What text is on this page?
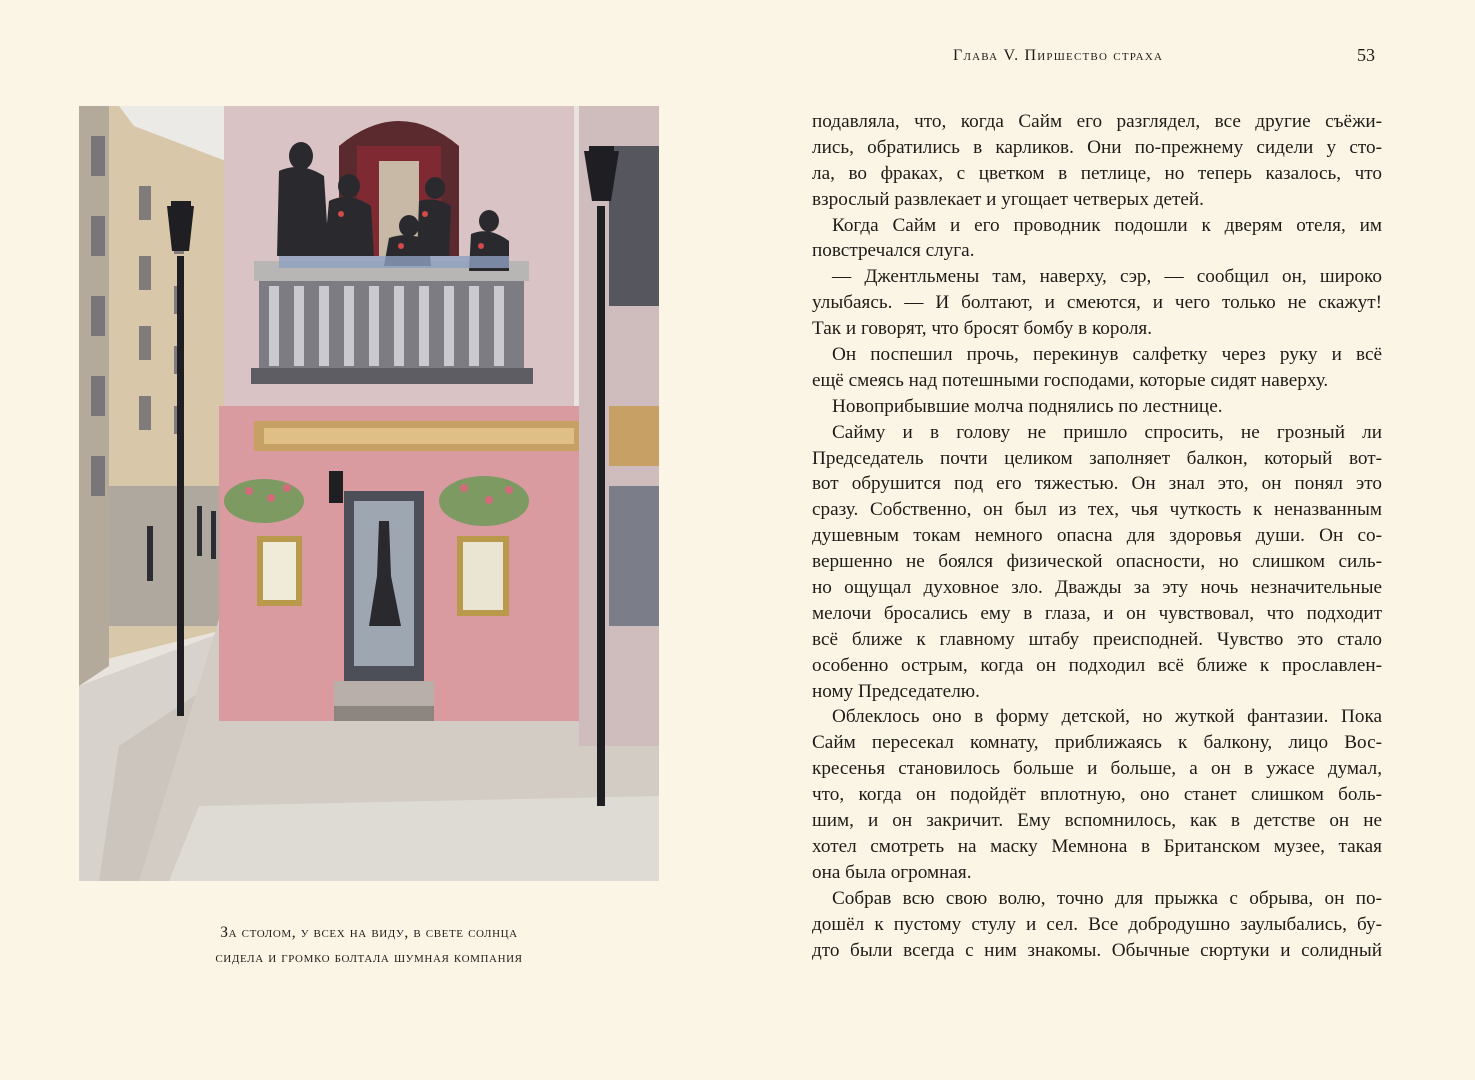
За столом, у всех на виду, в свете солнца
сидела и громко болтала шумная компания
Глава V. Пиршество страха	53
подавляла, что, когда Сайм его разглядел, все другие съёжи-
лись, обратились в карликов. Они по-прежнему сидели у сто-
ла, во фраках, с цветком в петлице, но теперь казалось, что
взрослый развлекает и угощает четверых детей.
Когда Сайм и его проводник подошли к дверям отеля, им
повстречался слуга.
— Джентльмены там, наверху, сэр, — сообщил он, широко
улыбаясь. — И болтают, и смеются, и чего только не скажут!
Так и говорят, что бросят бомбу в короля.
Он поспешил прочь, перекинув салфетку через руку и всё
ещё смеясь над потешными господами, которые сидят наверху.
Новоприбывшие молча поднялись по лестнице.
Сайму и в голову не пришло спросить, не грозный ли
Председатель почти целиком заполняет балкон, который вот-
вот обрушится под его тяжестью. Он знал это, он понял это
сразу. Собственно, он был из тех, чья чуткость к неназванным
душевным токам немного опасна для здоровья души. Он со-
вершенно не боялся физической опасности, но слишком силь-
но ощущал духовное зло. Дважды за эту ночь незначительные
мелочи бросались ему в глаза, и он чувствовал, что подходит
всё ближе к главному штабу преисподней. Чувство это стало
особенно острым, когда он подходил всё ближе к прославлен-
ному Председателю.
Облеклось оно в форму детской, но жуткой фантазии. Пока
Сайм пересекал комнату, приближаясь к балкону, лицо Вос-
кресенья становилось больше и больше, а он в ужасе думал,
что, когда он подойдёт вплотную, оно станет слишком боль-
шим, и он закричит. Ему вспомнилось, как в детстве он не
хотел смотреть на маску Мемнона в Британском музее, такая
она была огромная.
Собрав всю свою волю, точно для прыжка с обрыва, он по-
дошёл к пустому стулу и сел. Все добродушно заулыбались, бу-
дто были всегда с ним знакомы. Обычные сюртуки и солидный
